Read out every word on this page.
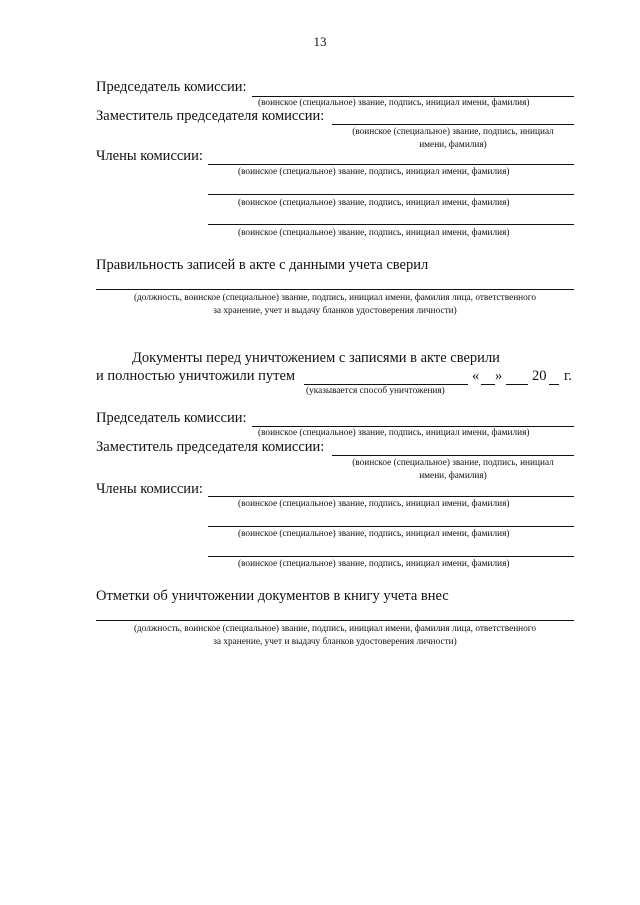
13
Председатель комиссии:
(воинское (специальное) звание, подпись, инициал имени, фамилия)
Заместитель председателя комиссии:
(воинское (специальное) звание, подпись, инициал
имени, фамилия)
Члены комиссии:
(воинское (специальное) звание, подпись, инициал имени, фамилия)
(воинское (специальное) звание, подпись, инициал имени, фамилия)
(воинское (специальное) звание, подпись, инициал имени, фамилия)
Правильность записей в акте с данными учета сверил
(должность, воинское (специальное) звание, подпись, инициал имени, фамилия лица, ответственного
за хранение, учет и выдачу бланков удостоверения личности)
Документы перед уничтожением с записями в акте сверили
и полностью уничтожили путем
(указывается способ уничтожения)
« » 20 г.
Председатель комиссии:
(воинское (специальное) звание, подпись, инициал имени, фамилия)
Заместитель председателя комиссии:
(воинское (специальное) звание, подпись, инициал
имени, фамилия)
Члены комиссии:
(воинское (специальное) звание, подпись, инициал имени, фамилия)
(воинское (специальное) звание, подпись, инициал имени, фамилия)
(воинское (специальное) звание, подпись, инициал имени, фамилия)
Отметки об уничтожении документов в книгу учета внес
(должность, воинское (специальное) звание, подпись, инициал имени, фамилия лица, ответственного
за хранение, учет и выдачу бланков удостоверения личности)
